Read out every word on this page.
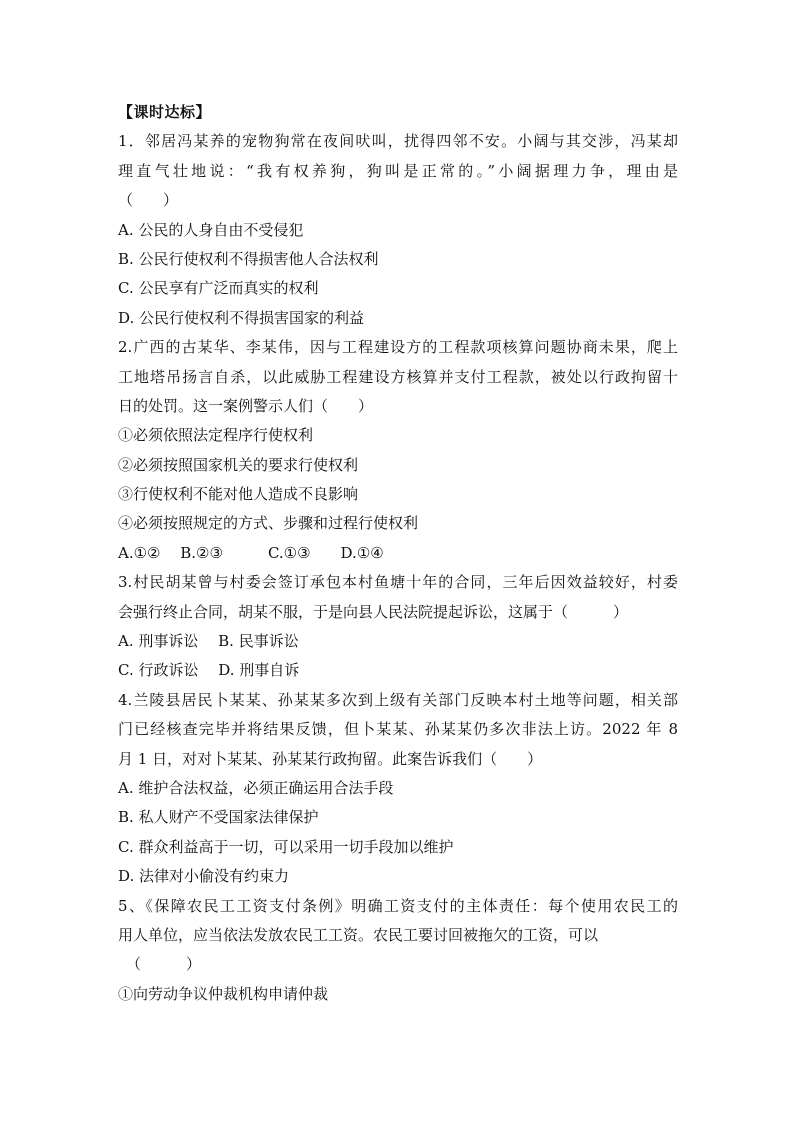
【课时达标】
1．邻居冯某养的宠物狗常在夜间吠叫，扰得四邻不安。小阔与其交涉，冯某却
理直气壮地说：“我有权养狗，狗叫是正常的。”小阔据理力争，理由是
（　　）
A. 公民的人身自由不受侵犯
B. 公民行使权利不得损害他人合法权利
C. 公民享有广泛而真实的权利
D. 公民行使权利不得损害国家的利益
2.广西的古某华、李某伟，因与工程建设方的工程款项核算问题协商未果，爬上
工地塔吊扬言自杀，以此威胁工程建设方核算并支付工程款，被处以行政拘留十
日的处罚。这一案例警示人们（　　）
①必须依照法定程序行使权利
②必须按照国家机关的要求行使权利
③行使权利不能对他人造成不良影响
④必须按照规定的方式、步骤和过程行使权利
A.①②　 B.②③　　　C.①③　　D.①④
3.村民胡某曾与村委会签订承包本村鱼塘十年的合同，三年后因效益较好，村委
会强行终止合同，胡某不服，于是向县人民法院提起诉讼，这属于（　　　）
A. 刑事诉讼　 B. 民事诉讼
C. 行政诉讼　 D. 刑事自诉
4.兰陵县居民卜某某、孙某某多次到上级有关部门反映本村土地等问题，相关部
门已经核查完毕并将结果反馈，但卜某某、孙某某仍多次非法上访。2022 年 8
月 1 日，对对卜某某、孙某某行政拘留。此案告诉我们（　　）
A. 维护合法权益，必须正确运用合法手段
B. 私人财产不受国家法律保护
C. 群众利益高于一切，可以采用一切手段加以维护
D. 法律对小偷没有约束力
5、《保障农民工工资支付条例》明确工资支付的主体责任：每个使用农民工的
用人单位，应当依法发放农民工工资。农民工要讨回被拖欠的工资，可以
（　　　）
①向劳动争议仲裁机构申请仲裁
